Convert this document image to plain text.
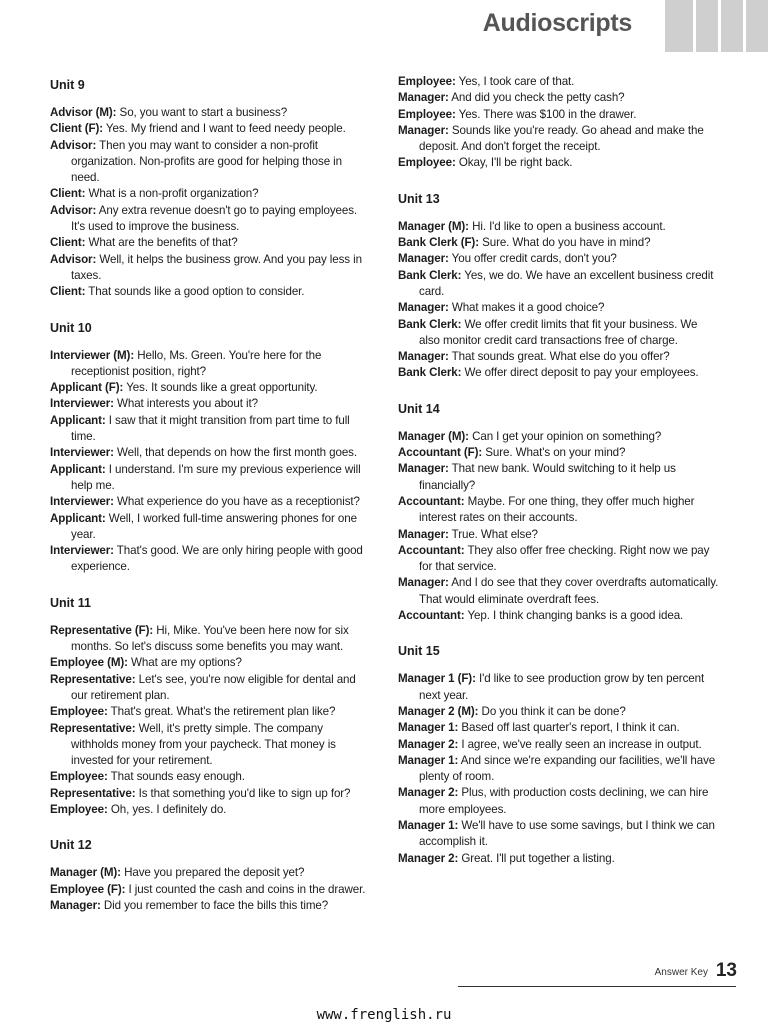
Audioscripts
Unit 9

Advisor (M): So, you want to start a business?

Client (F): Yes. My friend and I want to feed needy people.

Advisor: Then you may want to consider a non-profit organization. Non-profits are good for helping those in need.

Client: What is a non-profit organization?

Advisor: Any extra revenue doesn't go to paying employees. It's used to improve the business.

Client: What are the benefits of that?

Advisor: Well, it helps the business grow. And you pay less in taxes.

Client: That sounds like a good option to consider.

Unit 10

Interviewer (M): Hello, Ms. Green. You're here for the receptionist position, right?

Applicant (F): Yes. It sounds like a great opportunity.

Interviewer: What interests you about it?

Applicant: I saw that it might transition from part time to full time.

Interviewer: Well, that depends on how the first month goes.

Applicant: I understand. I'm sure my previous experience will help me.

Interviewer: What experience do you have as a receptionist?

Applicant: Well, I worked full-time answering phones for one year.

Interviewer: That's good. We are only hiring people with good experience.

Unit 11

Representative (F): Hi, Mike. You've been here now for six months. So let's discuss some benefits you may want.

Employee (M): What are my options?

Representative: Let's see, you're now eligible for dental and our retirement plan.

Employee: That's great. What's the retirement plan like?

Representative: Well, it's pretty simple. The company withholds money from your paycheck. That money is invested for your retirement.

Employee: That sounds easy enough.

Representative: Is that something you'd like to sign up for?

Employee: Oh, yes. I definitely do.

Unit 12

Manager (M): Have you prepared the deposit yet?

Employee (F): I just counted the cash and coins in the drawer.

Manager: Did you remember to face the bills this time?

Employee: Yes, I took care of that.

Manager: And did you check the petty cash?

Employee: Yes. There was $100 in the drawer.

Manager: Sounds like you're ready. Go ahead and make the deposit. And don't forget the receipt.

Employee: Okay, I'll be right back.

Unit 13

Manager (M): Hi. I'd like to open a business account.

Bank Clerk (F): Sure. What do you have in mind?

Manager: You offer credit cards, don't you?

Bank Clerk: Yes, we do. We have an excellent business credit card.

Manager: What makes it a good choice?

Bank Clerk: We offer credit limits that fit your business. We also monitor credit card transactions free of charge.

Manager: That sounds great. What else do you offer?

Bank Clerk: We offer direct deposit to pay your employees.

Unit 14

Manager (M): Can I get your opinion on something?

Accountant (F): Sure. What's on your mind?

Manager: That new bank. Would switching to it help us financially?

Accountant: Maybe. For one thing, they offer much higher interest rates on their accounts.

Manager: True. What else?

Accountant: They also offer free checking. Right now we pay for that service.

Manager: And I do see that they cover overdrafts automatically. That would eliminate overdraft fees.

Accountant: Yep. I think changing banks is a good idea.

Unit 15

Manager 1 (F): I'd like to see production grow by ten percent next year.

Manager 2 (M): Do you think it can be done?

Manager 1: Based off last quarter's report, I think it can.

Manager 2: I agree, we've really seen an increase in output.

Manager 1: And since we're expanding our facilities, we'll have plenty of room.

Manager 2: Plus, with production costs declining, we can hire more employees.

Manager 1: We'll have to use some savings, but I think we can accomplish it.

Manager 2: Great. I'll put together a listing.

Answer Key 13
www.frenglish.ru
